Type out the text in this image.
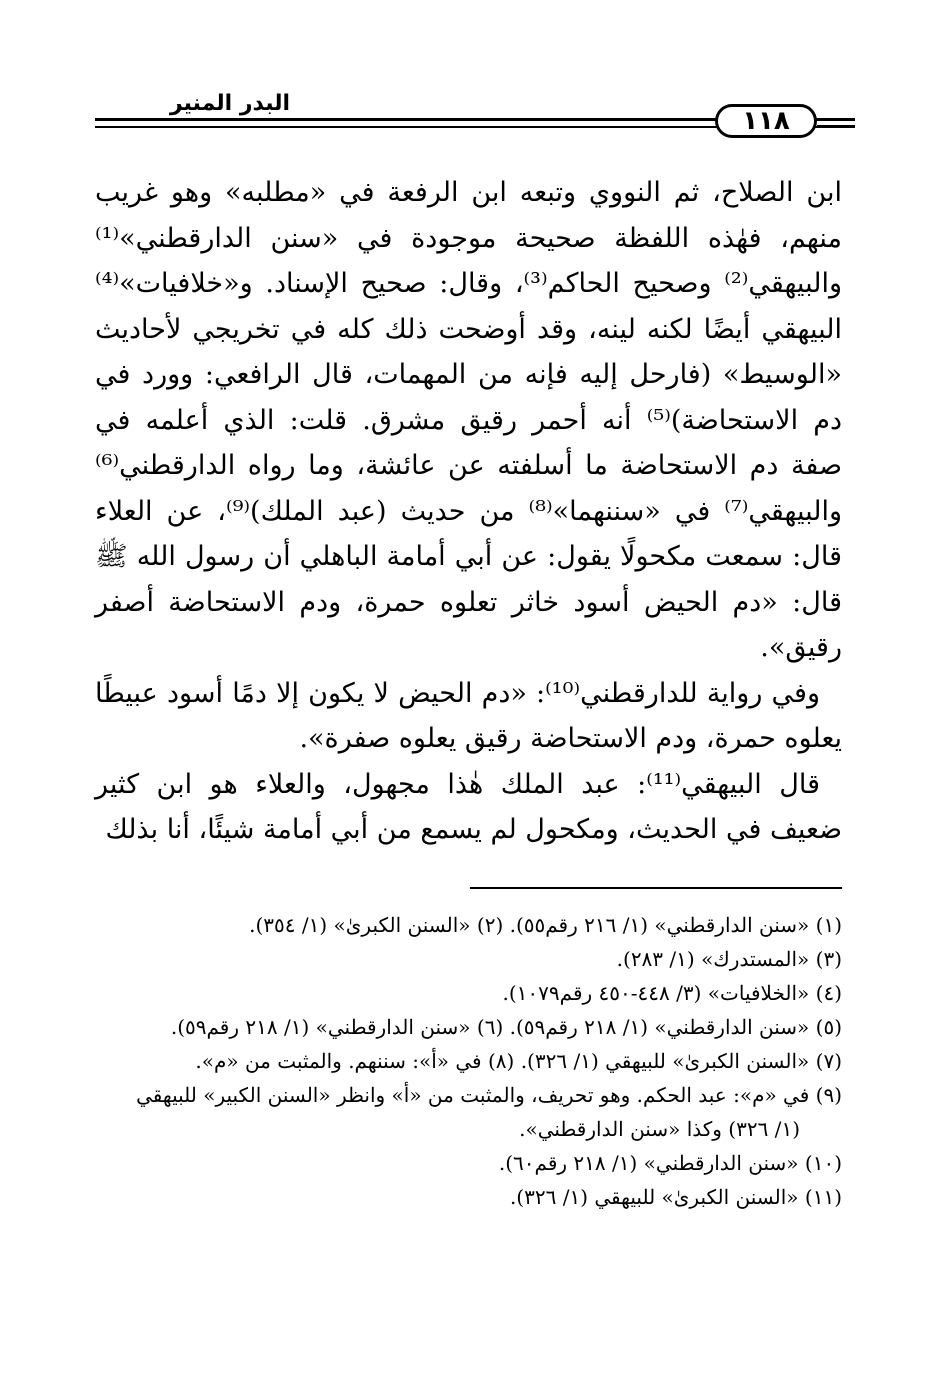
البدر المنير
١١٨

ابن الصلاح، ثم النووي وتبعه ابن الرفعة في «مطلبه» وهو غريب منهم، فهٰذه اللفظة صحيحة موجودة في «سنن الدارقطني»⁽¹⁾ والبيهقي⁽²⁾ وصحيح الحاكم⁽³⁾، وقال: صحيح الإسناد. و«خلافيات»⁽⁴⁾ البيهقي أيضًا لكنه لينه، وقد أوضحت ذلك كله في تخريجي لأحاديث «الوسيط» (فارحل إليه فإنه من المهمات، قال الرافعي: وورد في دم الاستحاضة)⁽⁵⁾ أنه أحمر رقيق مشرق. قلت: الذي أعلمه في صفة دم الاستحاضة ما أسلفته عن عائشة، وما رواه الدارقطني⁽⁶⁾ والبيهقي⁽⁷⁾ في «سننهما»⁽⁸⁾ من حديث (عبد الملك)⁽⁹⁾، عن العلاء قال: سمعت مكحولًا يقول: عن أبي أمامة الباهلي أن رسول الله ﷺ قال: «دم الحيض أسود خاثر تعلوه حمرة، ودم الاستحاضة أصفر رقيق».

وفي رواية للدارقطني⁽¹⁰⁾: «دم الحيض لا يكون إلا دمًا أسود عبيطًا يعلوه حمرة، ودم الاستحاضة رقيق يعلوه صفرة».

قال البيهقي⁽¹¹⁾: عبد الملك هٰذا مجهول، والعلاء هو ابن كثير ضعيف في الحديث، ومكحول لم يسمع من أبي أمامة شيئًا، أنا بذلك

(١) «سنن الدارقطني» (١/ ٢١٦ رقم٥٥). (٢) «السنن الكبرىٰ» (١/ ٣٥٤).

(٣) «المستدرك» (١/ ٢٨٣).

(٤) «الخلافيات» (٣/ ٤٤٨-٤٥٠ رقم١٠٧٩).

(٥) «سنن الدارقطني» (١/ ٢١٨ رقم٥٩). (٦) «سنن الدارقطني» (١/ ٢١٨ رقم٥٩).

(٧) «السنن الكبرىٰ» للبيهقي (١/ ٣٢٦). (٨) في «أ»: سننهم. والمثبت من «م».

(٩) في «م»: عبد الحكم. وهو تحريف، والمثبت من «أ» وانظر «السنن الكبير» للبيهقي

(١/ ٣٢٦) وكذا «سنن الدارقطني».

(١٠) «سنن الدارقطني» (١/ ٢١٨ رقم٦٠).

(١١) «السنن الكبرىٰ» للبيهقي (١/ ٣٢٦).
